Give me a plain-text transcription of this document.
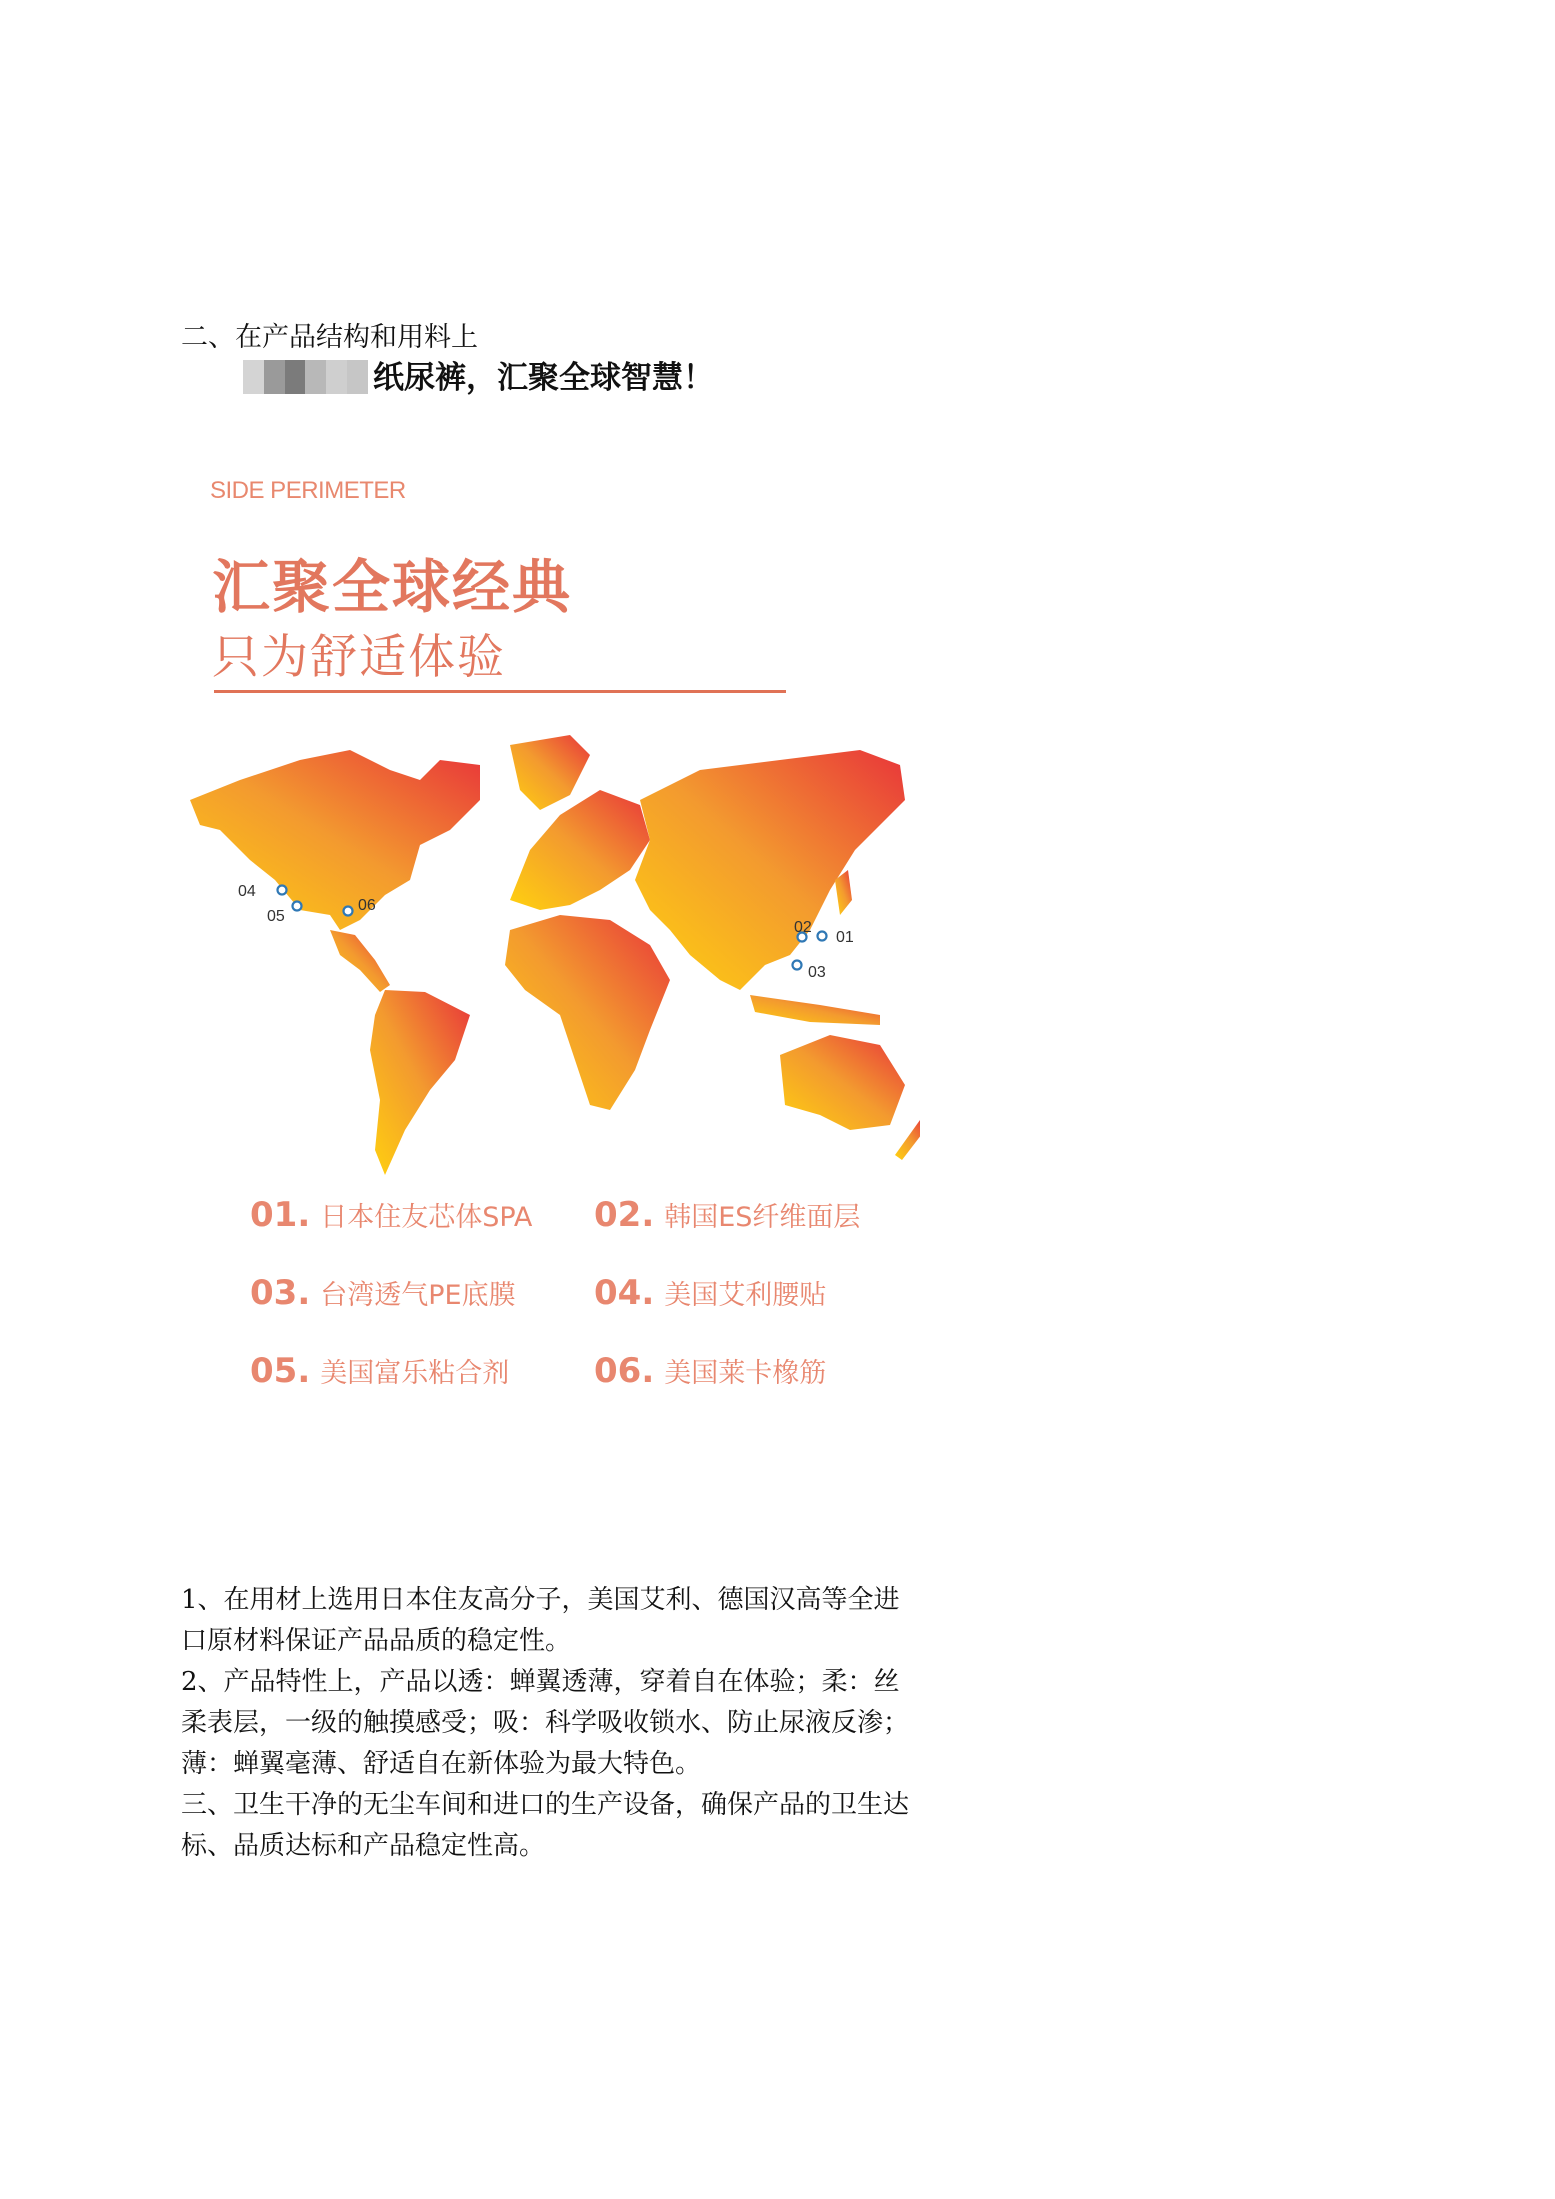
二、在产品结构和用料上
纸尿裤，汇聚全球智慧！
SIDE PERIMETER
汇聚全球经典
只为舒适体验
04
05
06
02
01
03
01. 日本住友芯体SPA 02. 韩国ES纤维面层
03. 台湾透气PE底膜 04. 美国艾利腰贴
05. 美国富乐粘合剂 06. 美国莱卡橡筋

1、在用材上选用日本住友高分子，美国艾利、德国汉高等全进

口原材料保证产品品质的稳定性。

2、产品特性上，产品以透：蝉翼透薄，穿着自在体验；柔：丝

柔表层，一级的触摸感受；吸：科学吸收锁水、防止尿液反渗；

薄：蝉翼毫薄、舒适自在新体验为最大特色。

三、卫生干净的无尘车间和进口的生产设备，确保产品的卫生达

标、品质达标和产品稳定性高。
